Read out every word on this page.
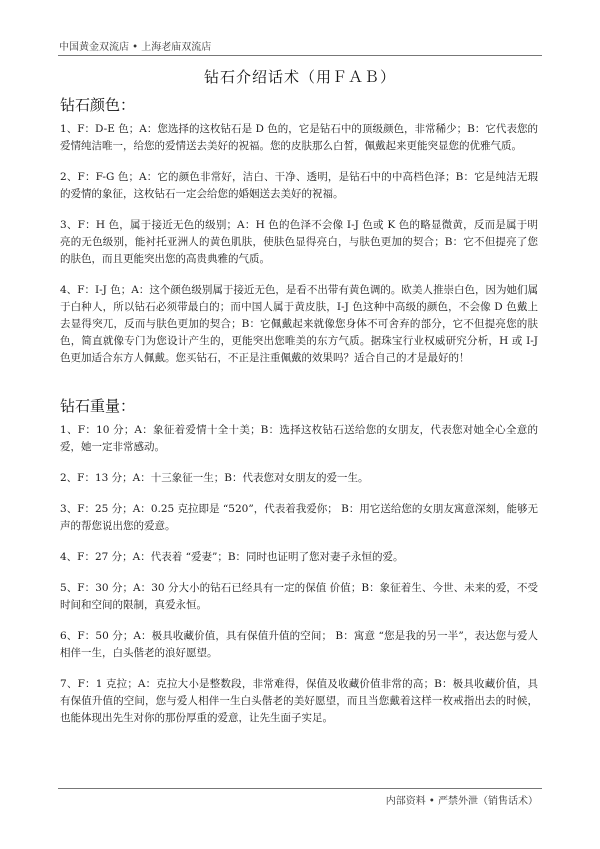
中国黄金双流店 • 上海老庙双流店
钻石介绍话术（用ＦＡＢ）
钻石颜色：
1、F：D-E 色；A：您选择的这枚钻石是 D 色的，它是钻石中的顶级颜色，非常稀少；B：它代表您的爱情纯洁唯一，给您的爱情送去美好的祝福。您的皮肤那么白皙，佩戴起来更能突显您的优雅气质。
2、F：F-G 色；A：它的颜色非常好，洁白、干净、透明，是钻石中的中高档色泽；B：它是纯洁无瑕的爱情的象征，这枚钻石一定会给您的婚姻送去美好的祝福。
3、F：H 色，属于接近无色的级别；A：H 色的色泽不会像 I-J 色或 K 色的略显微黄，反而是属于明亮的无色级别，能衬托亚洲人的黄色肌肤，使肤色显得亮白，与肤色更加的契合；B：它不但提亮了您的肤色，而且更能突出您的高贵典雅的气质。
4、F：I-J 色；A：这个颜色级别属于接近无色，是看不出带有黄色调的。欧美人推崇白色，因为她们属于白种人，所以钻石必须带最白的；而中国人属于黄皮肤，I-J 色这种中高级的颜色，不会像 D 色戴上去显得突兀，反而与肤色更加的契合；B：它佩戴起来就像您身体不可舍弃的部分，它不但提亮您的肤色，简直就像专门为您设计产生的，更能突出您唯美的东方气质。据珠宝行业权威研究分析，H 或 I-J 色更加适合东方人佩戴。您买钻石，不正是注重佩戴的效果吗？适合自己的才是最好的！
钻石重量：
1、F：10 分；A：象征着爱情十全十美；B：选择这枚钻石送给您的女朋友，代表您对她全心全意的 爱，她一定非常感动。
2、F：13 分；A：十三象征一生；B：代表您对女朋友的爱一生。
3、F：25 分；A：0.25 克拉即是 “520”，代表着我爱你； B：用它送给您的女朋友寓意深刻，能够无声的帮您说出您的爱意。
4、F：27 分；A：代表着 “爱妻”；B：同时也证明了您对妻子永恒的爱。
5、F：30 分；A：30 分大小的钻石已经具有一定的保值 价值；B：象征着生、今世、未来的爱，不受时间和空间的限制，真爱永恒。
6、F：50 分；A：极具收藏价值，具有保值升值的空间； B：寓意 “您是我的另一半”，表达您与爱人相伴一生，白头偕老的浪好愿望。
7、F：1 克拉；A：克拉大小是整数段，非常难得，保值及收藏价值非常的高；B：极具收藏价值，具有保值升值的空间，您与爱人相伴一生白头偕老的美好愿望，而且当您戴着这样一枚戒指出去的时候，也能体现出先生对你的那份厚重的爱意，让先生面子实足。
内部资料 • 严禁外泄（销售话术）
